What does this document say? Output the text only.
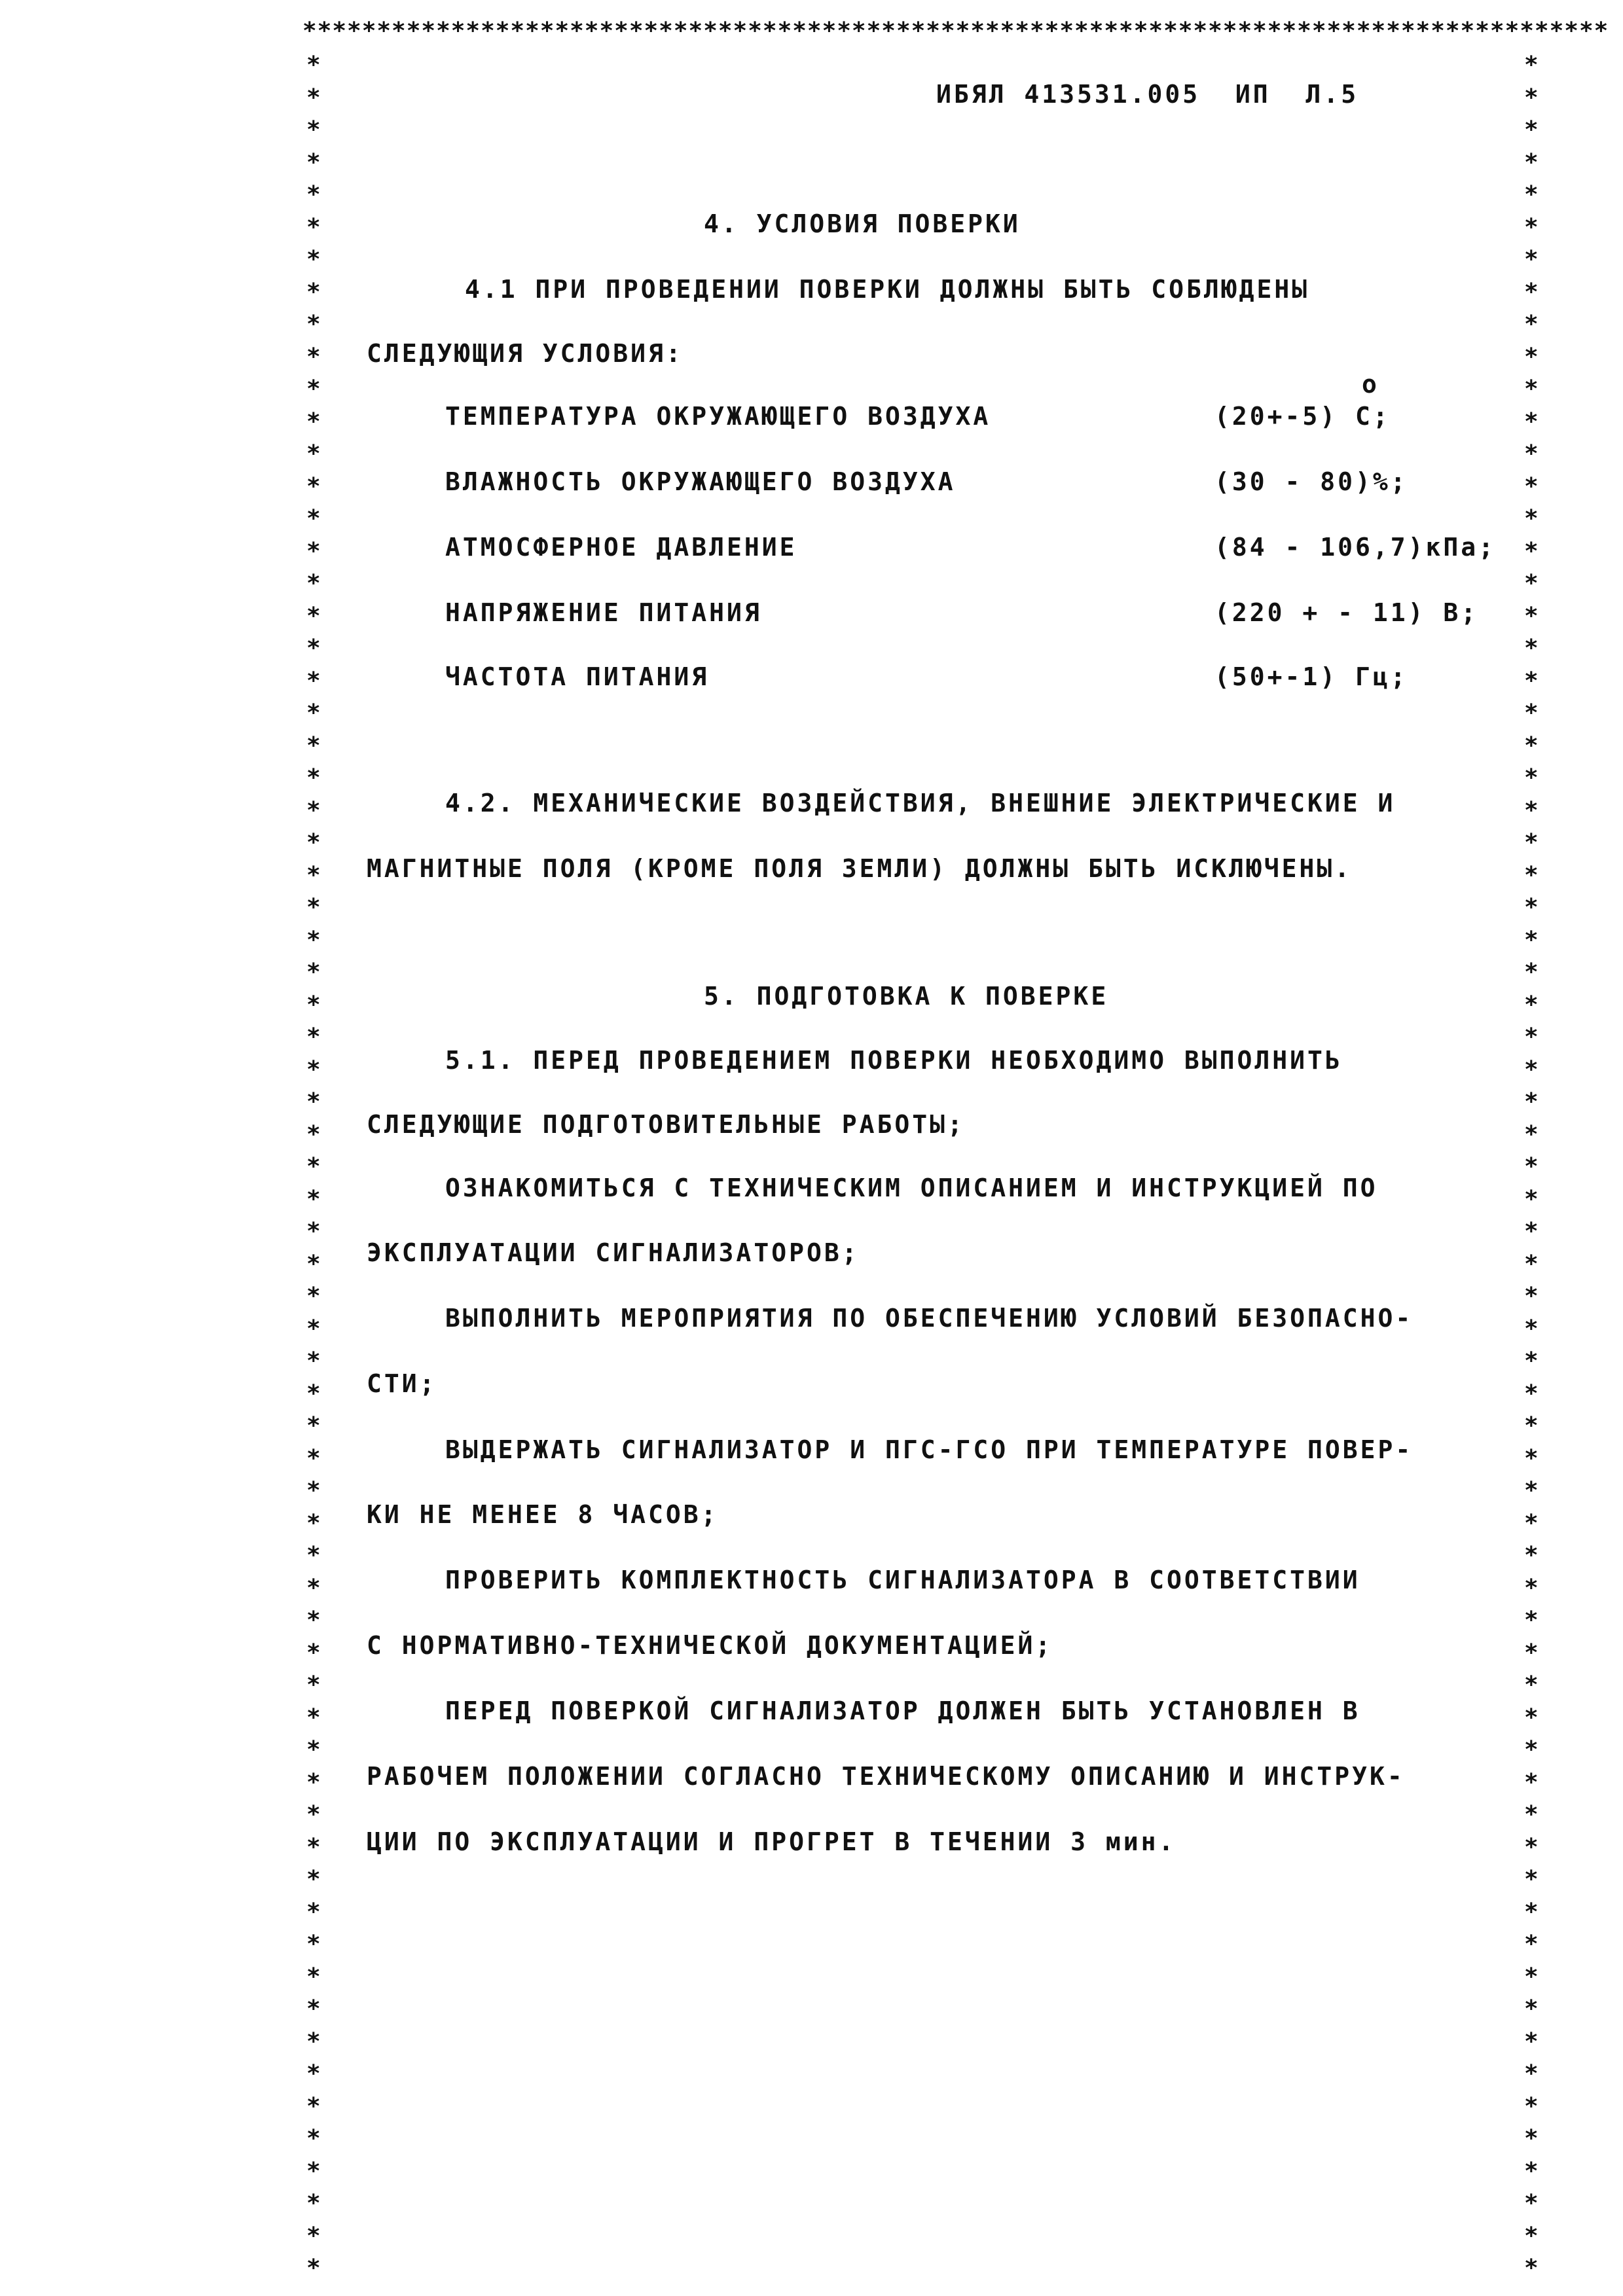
****************************************************************************************
*	*
*	*
*	*
*	*
*	*
*	*
*	*
*	*
*	*
*	*
*	*
*	*
*	*
*	*
*	*
*	*
*	*
*	*
*	*
*	*
*	*
*	*
*	*
*	*
*	*
*	*
*	*
*	*
*	*
*	*
*	*
*	*
*	*
*	*
*	*
*	*
*	*
*	*
*	*
*	*
*	*
*	*
*	*
*	*
*	*
*	*
*	*
*	*
*	*
*	*
*	*
*	*
*	*
*	*
*	*
*	*
*	*
*	*
*	*
*	*
*	*
*	*
*	*
*	*
*	*
*	*
*	*
*	*
*	*
ИБЯЛ 413531.005  ИП  Л.5
4. УСЛОВИЯ ПОВЕРКИ
4.1 ПРИ ПРОВЕДЕНИИ ПОВЕРКИ ДОЛЖНЫ БЫТЬ СОБЛЮДЕНЫ
СЛЕДУЮЩИЯ УСЛОВИЯ:
о
ТЕМПЕРАТУРА ОКРУЖАЮЩЕГО ВОЗДУХА	(20+-5) С;
ВЛАЖНОСТЬ ОКРУЖАЮЩЕГО ВОЗДУХА	(30 - 80)%;
АТМОСФЕРНОЕ ДАВЛЕНИЕ	(84 - 106,7)кПа;
НАПРЯЖЕНИЕ ПИТАНИЯ	(220 + - 11) В;
ЧАСТОТА ПИТАНИЯ	(50+-1) Гц;
4.2. МЕХАНИЧЕСКИЕ ВОЗДЕЙСТВИЯ, ВНЕШНИЕ ЭЛЕКТРИЧЕСКИЕ И
МАГНИТНЫЕ ПОЛЯ (КРОМЕ ПОЛЯ ЗЕМЛИ) ДОЛЖНЫ БЫТЬ ИСКЛЮЧЕНЫ.
5. ПОДГОТОВКА К ПОВЕРКЕ
5.1. ПЕРЕД ПРОВЕДЕНИЕМ ПОВЕРКИ НЕОБХОДИМО ВЫПОЛНИТЬ
СЛЕДУЮЩИЕ ПОДГОТОВИТЕЛЬНЫЕ РАБОТЫ;
ОЗНАКОМИТЬСЯ С ТЕХНИЧЕСКИМ ОПИСАНИЕМ И ИНСТРУКЦИЕЙ ПО
ЭКСПЛУАТАЦИИ СИГНАЛИЗАТОРОВ;
ВЫПОЛНИТЬ МЕРОПРИЯТИЯ ПО ОБЕСПЕЧЕНИЮ УСЛОВИЙ БЕЗОПАСНО-
СТИ;
ВЫДЕРЖАТЬ СИГНАЛИЗАТОР И ПГС-ГСО ПРИ ТЕМПЕРАТУРЕ ПОВЕР-
КИ НЕ МЕНЕЕ 8 ЧАСОВ;
ПРОВЕРИТЬ КОМПЛЕКТНОСТЬ СИГНАЛИЗАТОРА В СООТВЕТСТВИИ
С НОРМАТИВНО-ТЕХНИЧЕСКОЙ ДОКУМЕНТАЦИЕЙ;
ПЕРЕД ПОВЕРКОЙ СИГНАЛИЗАТОР ДОЛЖЕН БЫТЬ УСТАНОВЛЕН В
РАБОЧЕМ ПОЛОЖЕНИИ СОГЛАСНО ТЕХНИЧЕСКОМУ ОПИСАНИЮ И ИНСТРУК-
ЦИИ ПО ЭКСПЛУАТАЦИИ И ПРОГРЕТ В ТЕЧЕНИИ 3 мин.
